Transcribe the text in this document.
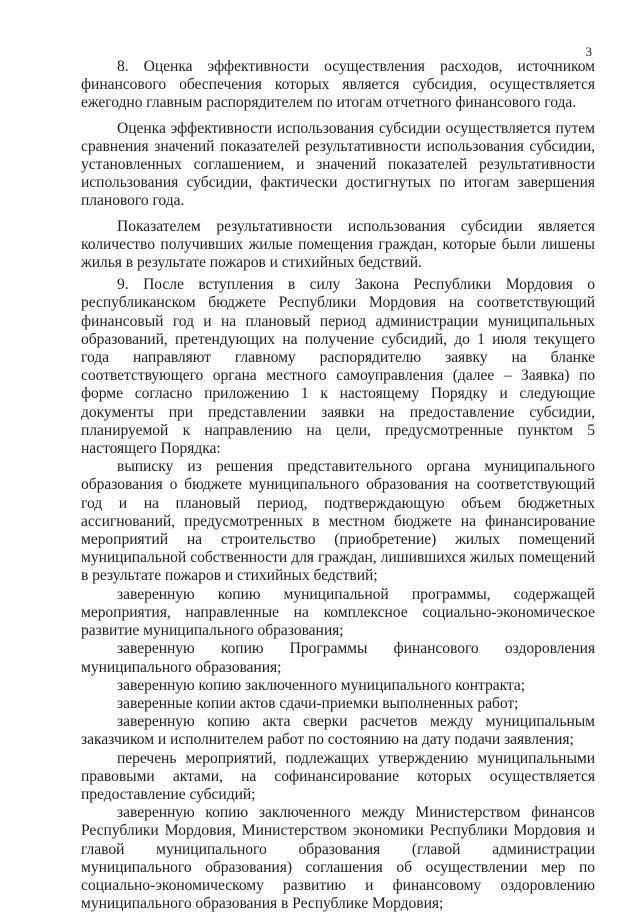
3

8. Оценка эффективности осуществления расходов, источником финансового обеспечения которых является субсидия, осуществляется ежегодно главным распорядителем по итогам отчетного финансового года.

Оценка эффективности использования субсидии осуществляется путем сравнения значений показателей результативности использования субсидии, установленных соглашением, и значений показателей результативности использования субсидии, фактически достигнутых по итогам завершения планового года.

Показателем результативности использования субсидии является количество получивших жилые помещения граждан, которые были лишены жилья в результате пожаров и стихийных бедствий.

9. После вступления в силу Закона Республики Мордовия о республиканском бюджете Республики Мордовия на соответствующий финансовый год и на плановый период администрации муниципальных образований, претендующих на получение субсидий, до 1 июля текущего года направляют главному распорядителю заявку на бланке соответствующего органа местного самоуправления (далее – Заявка) по форме согласно приложению 1 к настоящему Порядку и следующие документы при представлении заявки на предоставление субсидии, планируемой к направлению на цели, предусмотренные пунктом 5 настоящего Порядка:

выписку из решения представительного органа муниципального образования о бюджете муниципального образования на соответствующий год и на плановый период, подтверждающую объем бюджетных ассигнований, предусмотренных в местном бюджете на финансирование мероприятий на строительство (приобретение) жилых помещений муниципальной собственности для граждан, лишившихся жилых помещений в результате пожаров и стихийных бедствий;

заверенную копию муниципальной программы, содержащей мероприятия, направленные на комплексное социально-экономическое развитие муниципального образования;

заверенную копию Программы финансового оздоровления муниципального образования;

заверенную копию заключенного муниципального контракта;

заверенные копии актов сдачи-приемки выполненных работ;

заверенную копию акта сверки расчетов между муниципальным заказчиком и исполнителем работ по состоянию на дату подачи заявления;

перечень мероприятий, подлежащих утверждению муниципальными правовыми актами, на софинансирование которых осуществляется предоставление субсидий;

заверенную копию заключенного между Министерством финансов Республики Мордовия, Министерством экономики Республики Мордовия и главой муниципального образования (главой администрации муниципального образования) соглашения об осуществлении мер по социально-экономическому развитию и финансовому оздоровлению муниципального образования в Республике Мордовия;
